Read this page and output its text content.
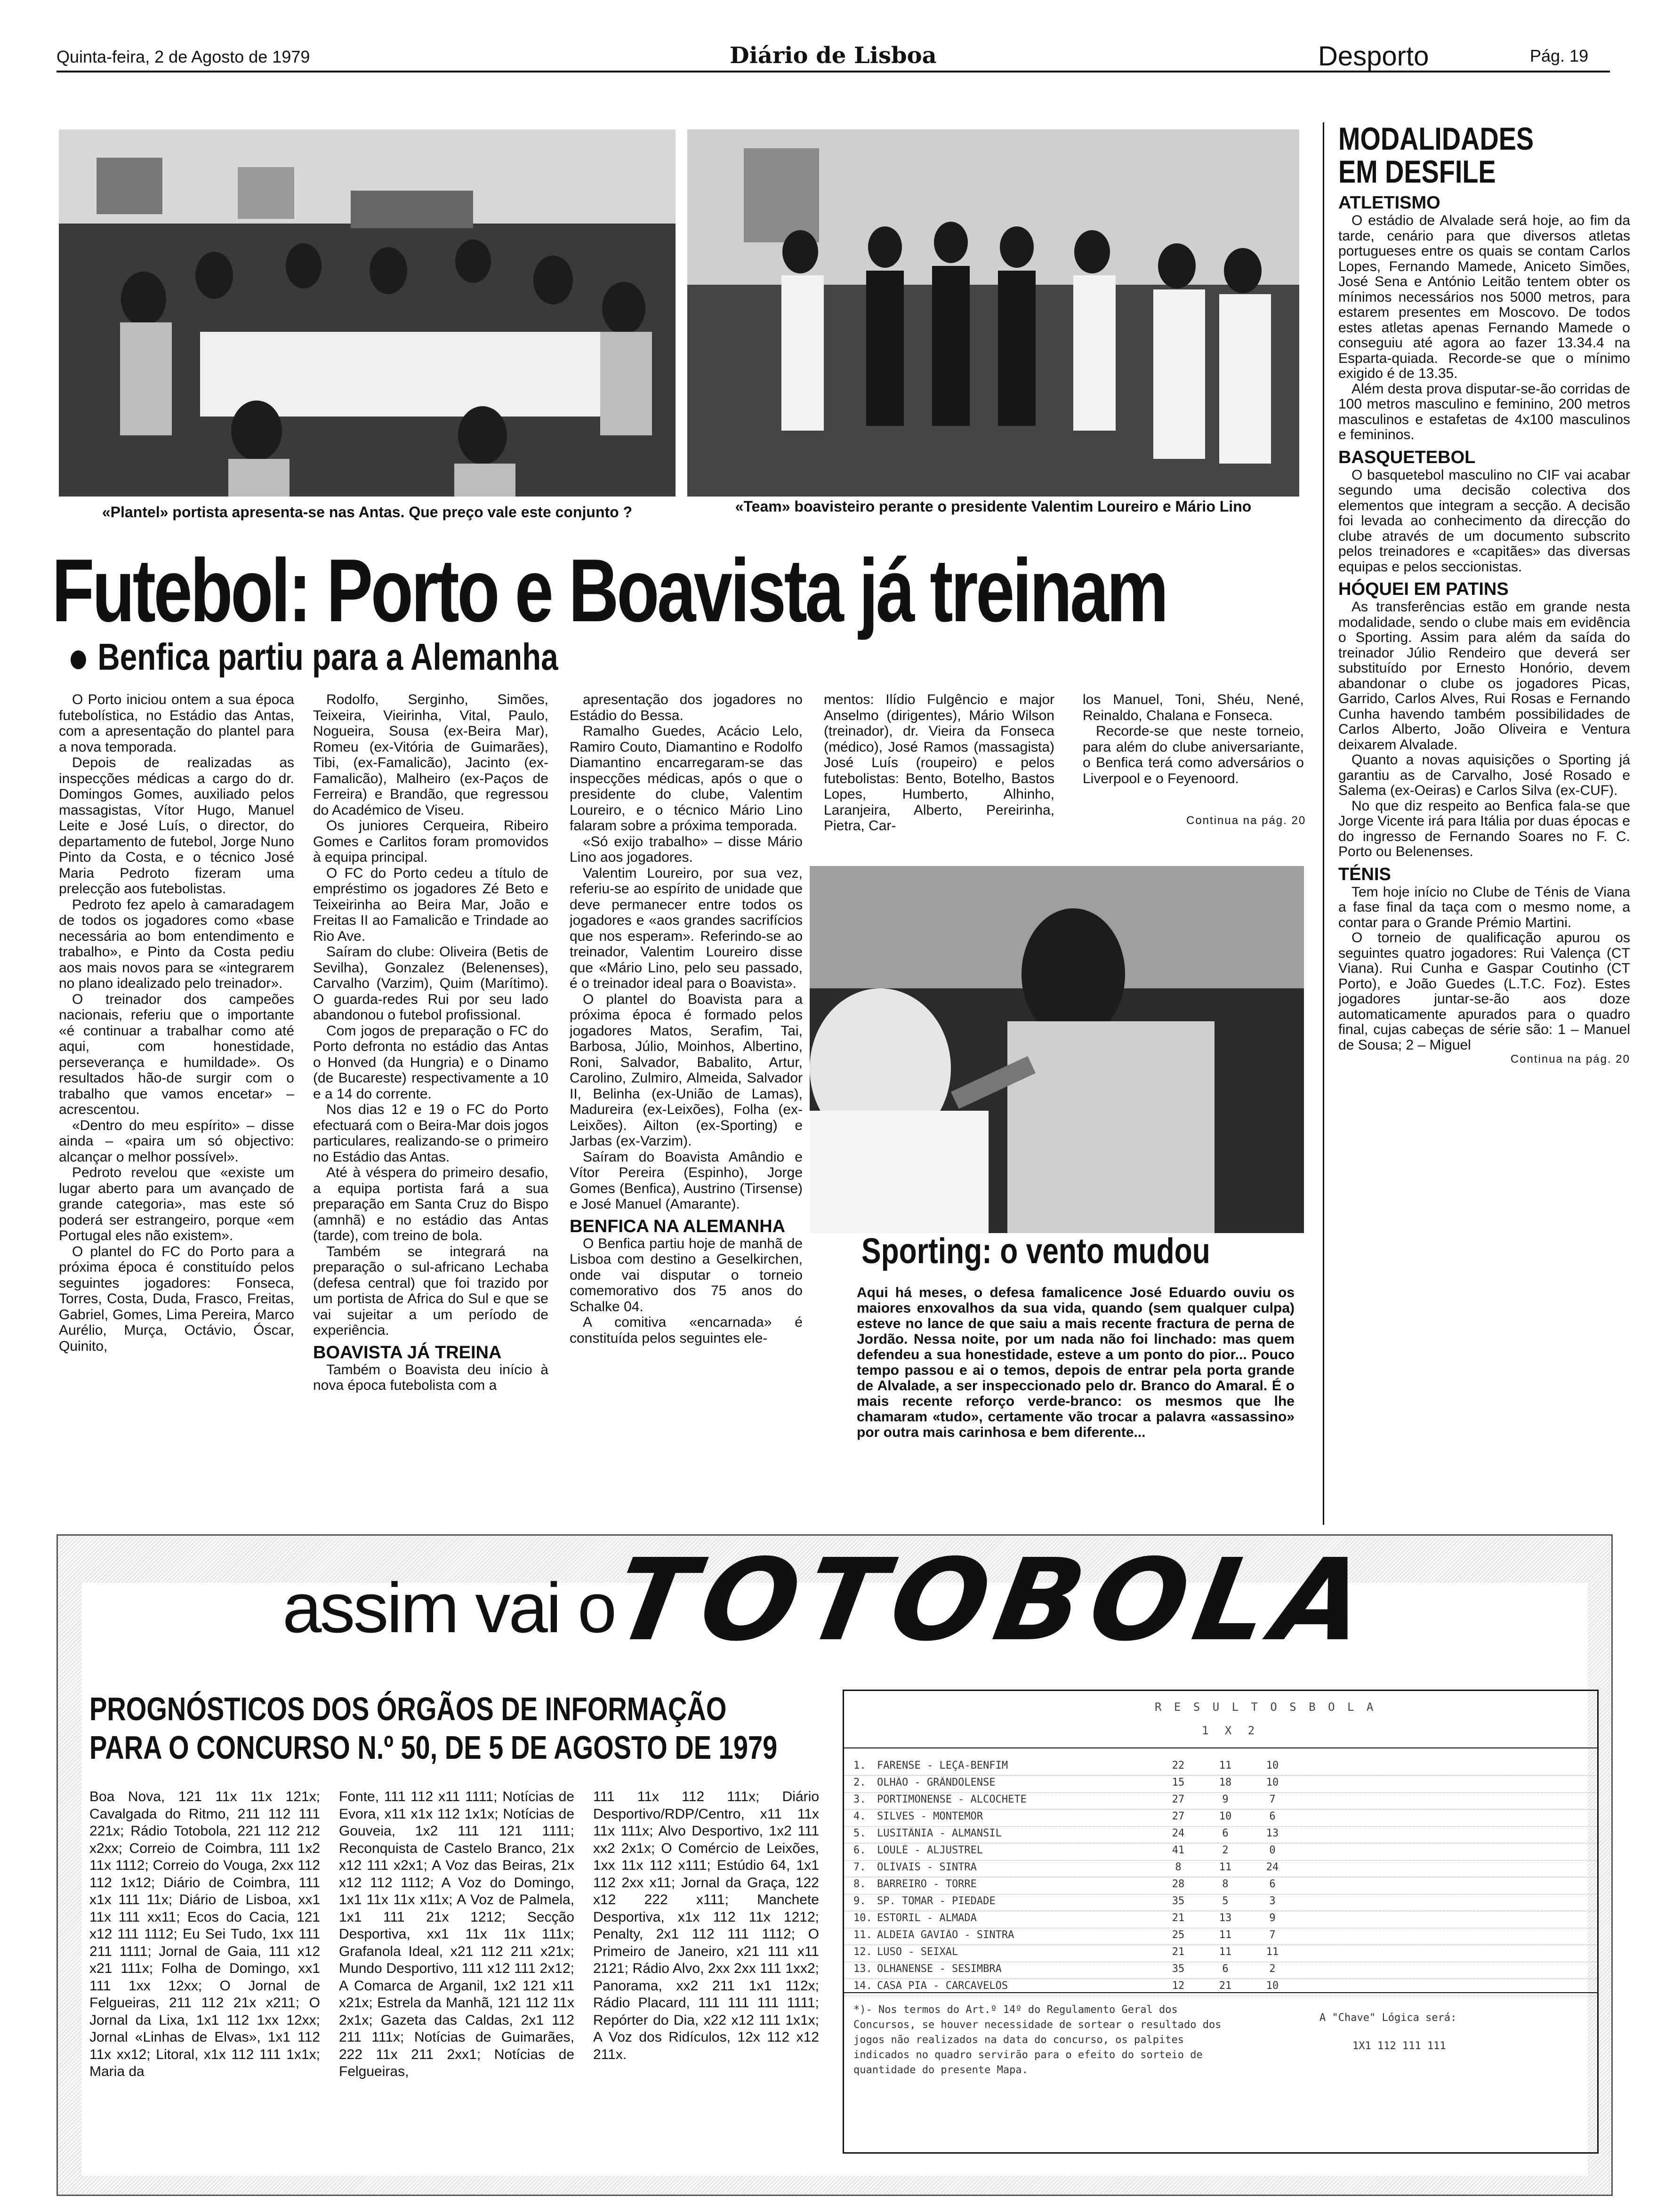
Quinta-feira, 2 de Agosto de 1979	Diário de Lisboa	Desporto	Pág. 19
«Plantel» portista apresenta-se nas Antas. Que preço vale este conjunto ?	«Team» boavisteiro perante o presidente Valentim Loureiro e Mário Lino
Futebol: Porto e Boavista já treinam
Benfica partiu para a Alemanha

O Porto iniciou ontem a sua época futebolística, no Estádio das Antas, com a apresentação do plantel para a nova temporada.

Depois de realizadas as inspecções médicas a cargo do dr. Domingos Gomes, auxiliado pelos massagistas, Vítor Hugo, Manuel Leite e José Luís, o director, do departamento de futebol, Jorge Nuno Pinto da Costa, e o técnico José Maria Pedroto fizeram uma prelecção aos futebolistas.

Pedroto fez apelo à camaradagem de todos os jogadores como «base necessária ao bom entendimento e trabalho», e Pinto da Costa pediu aos mais novos para se «integrarem no plano idealizado pelo treinador».

O treinador dos campeões nacionais, referiu que o importante «é continuar a trabalhar como até aqui, com honestidade, perseverança e humildade». Os resultados hão-de surgir com o trabalho que vamos encetar» – acrescentou.

«Dentro do meu espírito» – disse ainda – «paira um só objectivo: alcançar o melhor possível».

Pedroto revelou que «existe um lugar aberto para um avançado de grande categoria», mas este só poderá ser estrangeiro, porque «em Portugal eles não existem».

O plantel do FC do Porto para a próxima época é constituído pelos seguintes jogadores: Fonseca, Torres, Costa, Duda, Frasco, Freitas, Gabriel, Gomes, Lima Pereira, Marco Aurélio, Murça, Octávio, Óscar, Quinito,

Rodolfo, Serginho, Simões, Teixeira, Vieirinha, Vital, Paulo, Nogueira, Sousa (ex-Beira Mar), Romeu (ex-Vitória de Guimarães), Tibi, (ex-Famalicão), Jacinto (ex-Famalicão), Malheiro (ex-Paços de Ferreira) e Brandão, que regressou do Académico de Viseu.

Os juniores Cerqueira, Ribeiro Gomes e Carlitos foram promovidos à equipa principal.

O FC do Porto cedeu a título de empréstimo os jogadores Zé Beto e Teixeirinha ao Beira Mar, João e Freitas II ao Famalicão e Trindade ao Rio Ave.

Saíram do clube: Oliveira (Betis de Sevilha), Gonzalez (Belenenses), Carvalho (Varzim), Quim (Marítimo). O guarda-redes Rui por seu lado abandonou o futebol profissional.

Com jogos de preparação o FC do Porto defronta no estádio das Antas o Honved (da Hungria) e o Dinamo (de Bucareste) respectivamente a 10 e a 14 do corrente.

Nos dias 12 e 19 o FC do Porto efectuará com o Beira-Mar dois jogos particulares, realizando-se o primeiro no Estádio das Antas.

Até à véspera do primeiro desafio, a equipa portista fará a sua preparação em Santa Cruz do Bispo (amnhã) e no estádio das Antas (tarde), com treino de bola.

Também se integrará na preparação o sul-africano Lechaba (defesa central) que foi trazido por um portista de Africa do Sul e que se vai sujeitar a um período de experiência.

BOAVISTA JÁ TREINA

Também o Boavista deu início à nova época futebolista com a

apresentação dos jogadores no Estádio do Bessa.

Ramalho Guedes, Acácio Lelo, Ramiro Couto, Diamantino e Rodolfo Diamantino encarregaram-se das inspecções médicas, após o que o presidente do clube, Valentim Loureiro, e o técnico Mário Lino falaram sobre a próxima temporada.

«Só exijo trabalho» – disse Mário Lino aos jogadores.

Valentim Loureiro, por sua vez, referiu-se ao espírito de unidade que deve permanecer entre todos os jogadores e «aos grandes sacrifícios que nos esperam». Referindo-se ao treinador, Valentim Loureiro disse que «Mário Lino, pelo seu passado, é o treinador ideal para o Boavista».

O plantel do Boavista para a próxima época é formado pelos jogadores Matos, Serafim, Tai, Barbosa, Júlio, Moinhos, Albertino, Roni, Salvador, Babalito, Artur, Carolino, Zulmiro, Almeida, Salvador II, Belinha (ex-União de Lamas), Madureira (ex-Leixões), Folha (ex-Leixões). Ailton (ex-Sporting) e Jarbas (ex-Varzim).

Saíram do Boavista Amândio e Vítor Pereira (Espinho), Jorge Gomes (Benfica), Austrino (Tirsense) e José Manuel (Amarante).

BENFICA NA ALEMANHA

O Benfica partiu hoje de manhã de Lisboa com destino a Geselkirchen, onde vai disputar o torneio comemorativo dos 75 anos do Schalke 04.

A comitiva «encarnada» é constituída pelos seguintes ele-

mentos: Ilídio Fulgêncio e major Anselmo (dirigentes), Mário Wilson (treinador), dr. Vieira da Fonseca (médico), José Ramos (massagista) José Luís (roupeiro) e pelos futebolistas: Bento, Botelho, Bastos Lopes, Humberto, Alhinho, Laranjeira, Alberto, Pereirinha, Pietra, Car-

los Manuel, Toni, Shéu, Nené, Reinaldo, Chalana e Fonseca.

Recorde-se que neste torneio, para além do clube aniversariante, o Benfica terá como adversários o Liverpool e o Feyenoord.

Continua na pág. 20
Sporting: o vento mudou
Aqui há meses, o defesa famalicence José Eduardo ouviu os maiores enxovalhos da sua vida, quando (sem qualquer culpa) esteve no lance de que saiu a mais recente fractura de perna de Jordão. Nessa noite, por um nada não foi linchado: mas quem defendeu a sua honestidade, esteve a um ponto do pior... Pouco tempo passou e ai o temos, depois de entrar pela porta grande de Alvalade, a ser inspeccionado pelo dr. Branco do Amaral. É o mais recente reforço verde-branco: os mesmos que lhe chamaram «tudo», certamente vão trocar a palavra «assassino» por outra mais carinhosa e bem diferente...
MODALIDADES
EM DESFILE
ATLETISMO

O estádio de Alvalade será hoje, ao fim da tarde, cenário para que diversos atletas portugueses entre os quais se contam Carlos Lopes, Fernando Mamede, Aniceto Simões, José Sena e António Leitão tentem obter os mínimos necessários nos 5000 metros, para estarem presentes em Moscovo. De todos estes atletas apenas Fernando Mamede o conseguiu até agora ao fazer 13.34.4 na Esparta-quiada. Recorde-se que o mínimo exigido é de 13.35.

Além desta prova disputar-se-ão corridas de 100 metros masculino e feminino, 200 metros masculinos e estafetas de 4x100 masculinos e femininos.

BASQUETEBOL

O basquetebol masculino no CIF vai acabar segundo uma decisão colectiva dos elementos que integram a secção. A decisão foi levada ao conhecimento da direcção do clube através de um documento subscrito pelos treinadores e «capitães» das diversas equipas e pelos seccionistas.

HÓQUEI EM PATINS

As transferências estão em grande nesta modalidade, sendo o clube mais em evidência o Sporting. Assim para além da saída do treinador Júlio Rendeiro que deverá ser substituído por Ernesto Honório, devem abandonar o clube os jogadores Picas, Garrido, Carlos Alves, Rui Rosas e Fernando Cunha havendo também possibilidades de Carlos Alberto, João Oliveira e Ventura deixarem Alvalade.

Quanto a novas aquisições o Sporting já garantiu as de Carvalho, José Rosado e Salema (ex-Oeiras) e Carlos Silva (ex-CUF).

No que diz respeito ao Benfica fala-se que Jorge Vicente irá para Itália por duas épocas e do ingresso de Fernando Soares no F. C. Porto ou Belenenses.

TÉNIS

Tem hoje início no Clube de Ténis de Viana a fase final da taça com o mesmo nome, a contar para o Grande Prémio Martini.

O torneio de qualificação apurou os seguintes quatro jogadores: Rui Valença (CT Viana). Rui Cunha e Gaspar Coutinho (CT Porto), e João Guedes (L.T.C. Foz). Estes jogadores juntar-se-ão aos doze automaticamente apurados para o quadro final, cujas cabeças de série são: 1 – Manuel de Sousa; 2 – Miguel

Continua na pág. 20
assim vai o
TOTOBOLA
PROGNÓSTICOS DOS ÓRGÃOS DE INFORMAÇÃO
PARA O CONCURSO N.º 50, DE 5 DE AGOSTO DE 1979
Boa Nova, 121 11x 11x 121x; Cavalgada do Ritmo, 211 112 111 221x; Rádio Totobola, 221 112 212 x2xx; Correio de Coimbra, 111 1x2 11x 1112; Correio do Vouga, 2xx 112 112 1x12; Diário de Coimbra, 111 x1x 111 11x; Diário de Lisboa, xx1 11x 111 xx11; Ecos do Cacia, 121 x12 111 1112; Eu Sei Tudo, 1xx 111 211 1111; Jornal de Gaia, 111 x12 x21 111x; Folha de Domingo, xx1 111 1xx 12xx; O Jornal de Felgueiras, 211 112 21x x211; O Jornal da Lixa, 1x1 112 1xx 12xx; Jornal «Linhas de Elvas», 1x1 112 11x xx12; Litoral, x1x 112 111 1x1x; Maria da
Fonte, 111 112 x11 1111; Notícias de Evora, x11 x1x 112 1x1x; Notícias de Gouveia, 1x2 111 121 1111; Reconquista de Castelo Branco, 21x x12 111 x2x1; A Voz das Beiras, 21x x12 112 1112; A Voz do Domingo, 1x1 11x 11x x11x; A Voz de Palmela, 1x1 111 21x 1212; Secção Desportiva, xx1 11x 11x 111x; Grafanola Ideal, x21 112 211 x21x; Mundo Desportivo, 111 x12 111 2x12; A Comarca de Arganil, 1x2 121 x11 x21x; Estrela da Manhã, 121 112 11x 2x1x; Gazeta das Caldas, 2x1 112 211 111x; Notícias de Guimarães, 222 11x 211 2xx1; Notícias de Felgueiras,
111 11x 112 111x; Diário Desportivo/RDP/Centro, x11 11x 11x 111x; Alvo Desportivo, 1x2 111 xx2 2x1x; O Comércio de Leixões, 1xx 11x 112 x111; Estúdio 64, 1x1 112 2xx x11; Jornal da Graça, 122 x12 222 x111; Manchete Desportiva, x1x 112 11x 1212; Penalty, 2x1 112 111 1112; O Primeiro de Janeiro, x21 111 x11 2121; Rádio Alvo, 2xx 2xx 111 1xx2; Panorama, xx2 211 1x1 112x; Rádio Placard, 111 111 111 1111; Repórter do Dia, x22 x12 111 1x1x; A Voz dos Ridículos, 12x 112 x12 211x.
R E S U L T O S B O L A
1 X 2
1. FARENSE - LEÇA-BENFIM	22	11	10
2. OLHÃO - GRÂNDOLENSE	15	18	10
3. PORTIMONENSE - ALCOCHETE	27	9	7
4. SILVES - MONTEMOR	27	10	6
5. LUSITÂNIA - ALMANSIL	24	6	13
6. LOULÉ - ALJUSTREL	41	2	0
7. OLÍVAIS - SINTRA	8	11	24
8. BARREIRO - TORRE	28	8	6
9. SP. TOMAR - PIEDADE	35	5	3
10. ESTORIL - ALMADA	21	13	9
11. ALDEIA GAVIÃO - SINTRA	25	11	7
12. LUSO - SEIXAL	21	11	11
13. OLHANENSE - SESIMBRA	35	6	2
14. CASA PIA - CARCAVELOS	12	21	10
*)- Nos termos do Art.º 14º do Regulamento Geral dos Concursos, se houver necessidade de sortear o resultado dos jogos não realizados na data do concurso, os palpites indicados no quadro servirão para o efeito do sorteio de quantidade do presente Mapa.
A "Chave" Lógica será:
1X1 112 111 111
